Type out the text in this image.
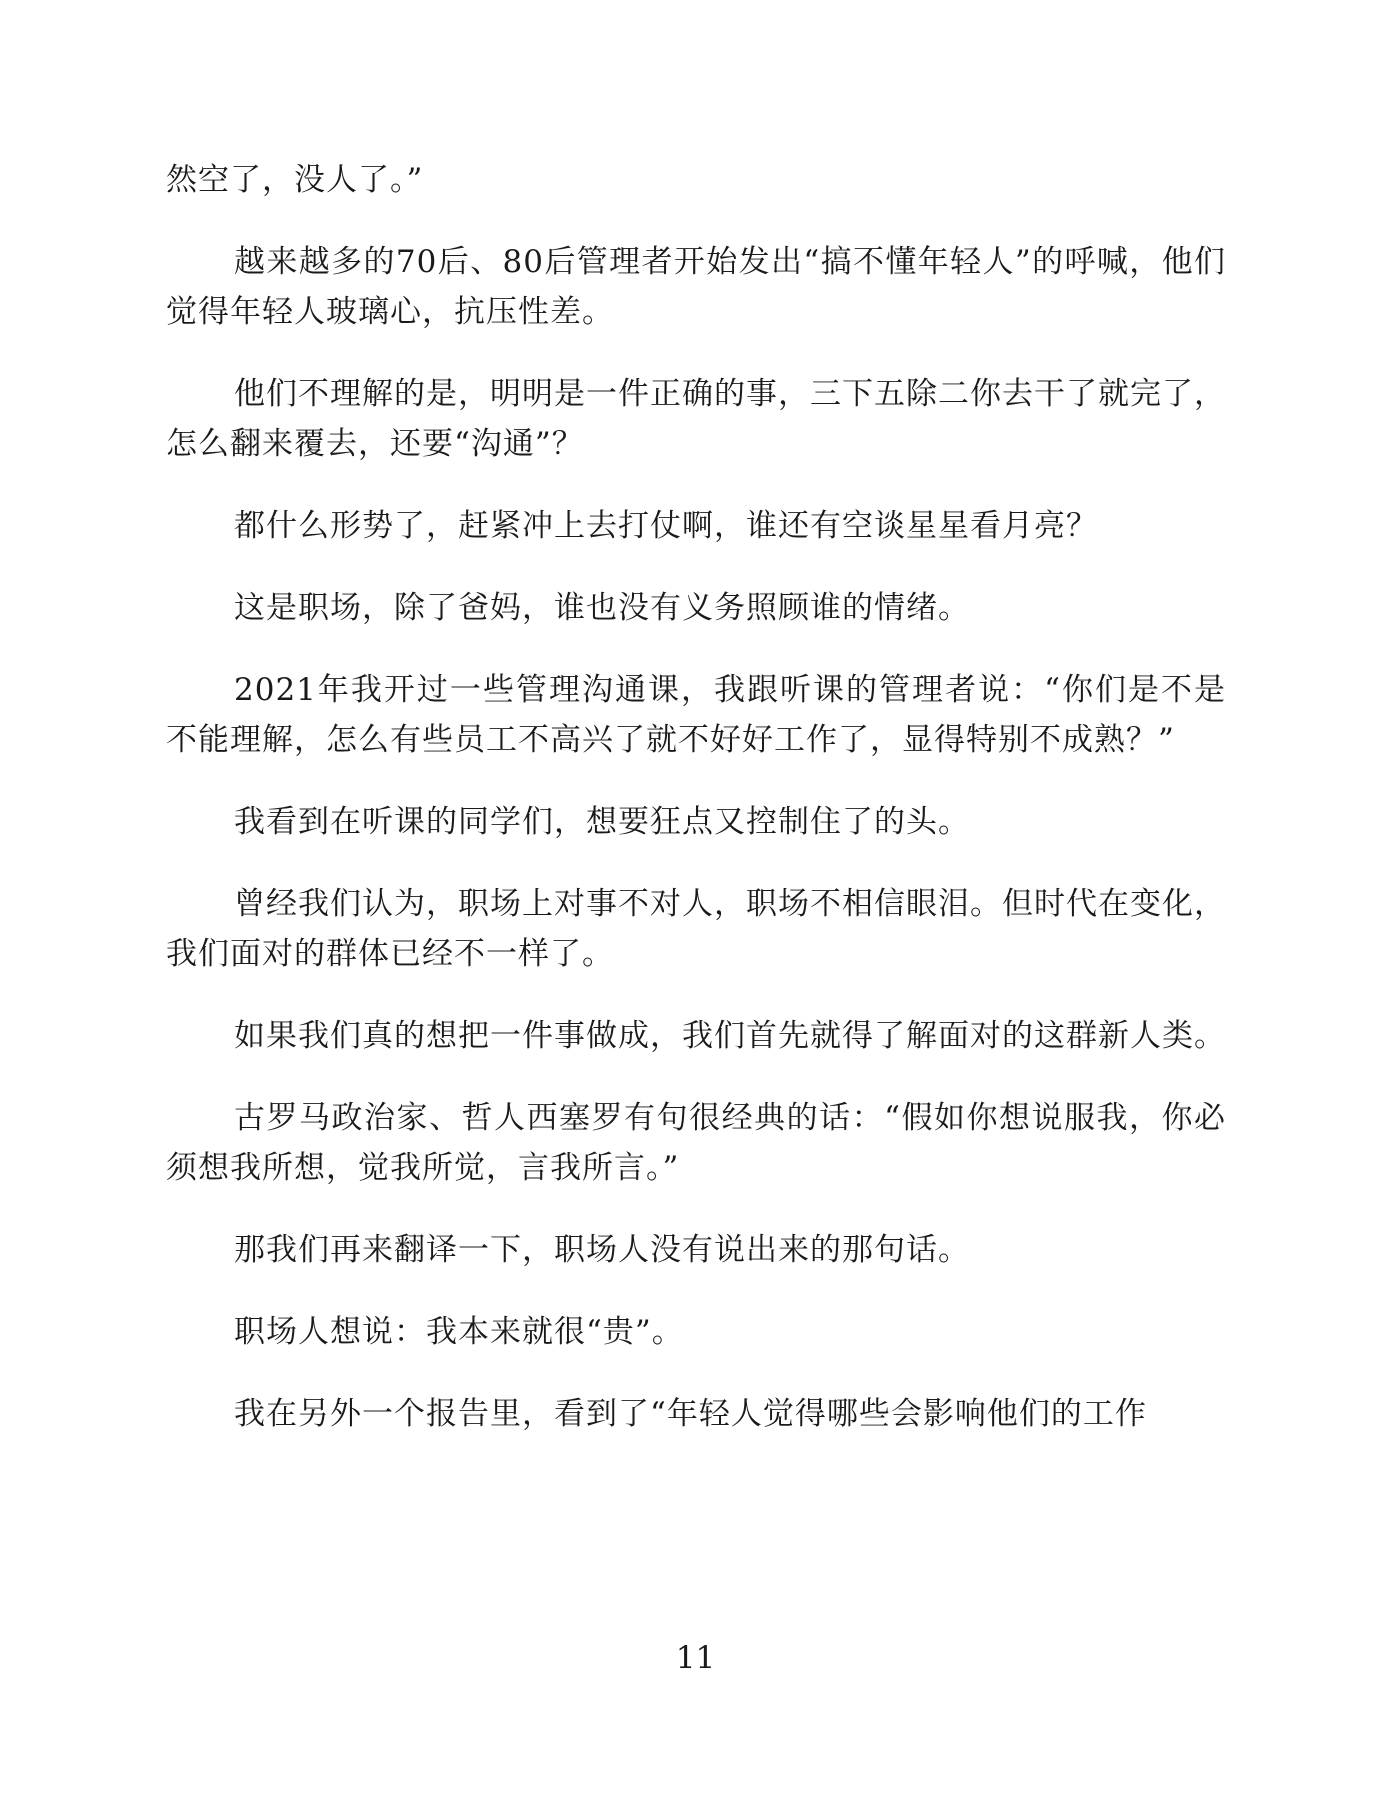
然空了，没人了。”

越来越多的70后、80后管理者开始发出“搞不懂年轻人”的呼喊，他们觉得年轻人玻璃心，抗压性差。

他们不理解的是，明明是一件正确的事，三下五除二你去干了就完了，怎么翻来覆去，还要“沟通”？

都什么形势了，赶紧冲上去打仗啊，谁还有空谈星星看月亮？

这是职场，除了爸妈，谁也没有义务照顾谁的情绪。

2021年我开过一些管理沟通课，我跟听课的管理者说：“你们是不是不能理解，怎么有些员工不高兴了就不好好工作了，显得特别不成熟？”

我看到在听课的同学们，想要狂点又控制住了的头。

曾经我们认为，职场上对事不对人，职场不相信眼泪。但时代在变化，我们面对的群体已经不一样了。

如果我们真的想把一件事做成，我们首先就得了解面对的这群新人类。

古罗马政治家、哲人西塞罗有句很经典的话：“假如你想说服我，你必须想我所想，觉我所觉，言我所言。”

那我们再来翻译一下，职场人没有说出来的那句话。

职场人想说：我本来就很“贵”。

我在另外一个报告里，看到了“年轻人觉得哪些会影响他们的工作

11
